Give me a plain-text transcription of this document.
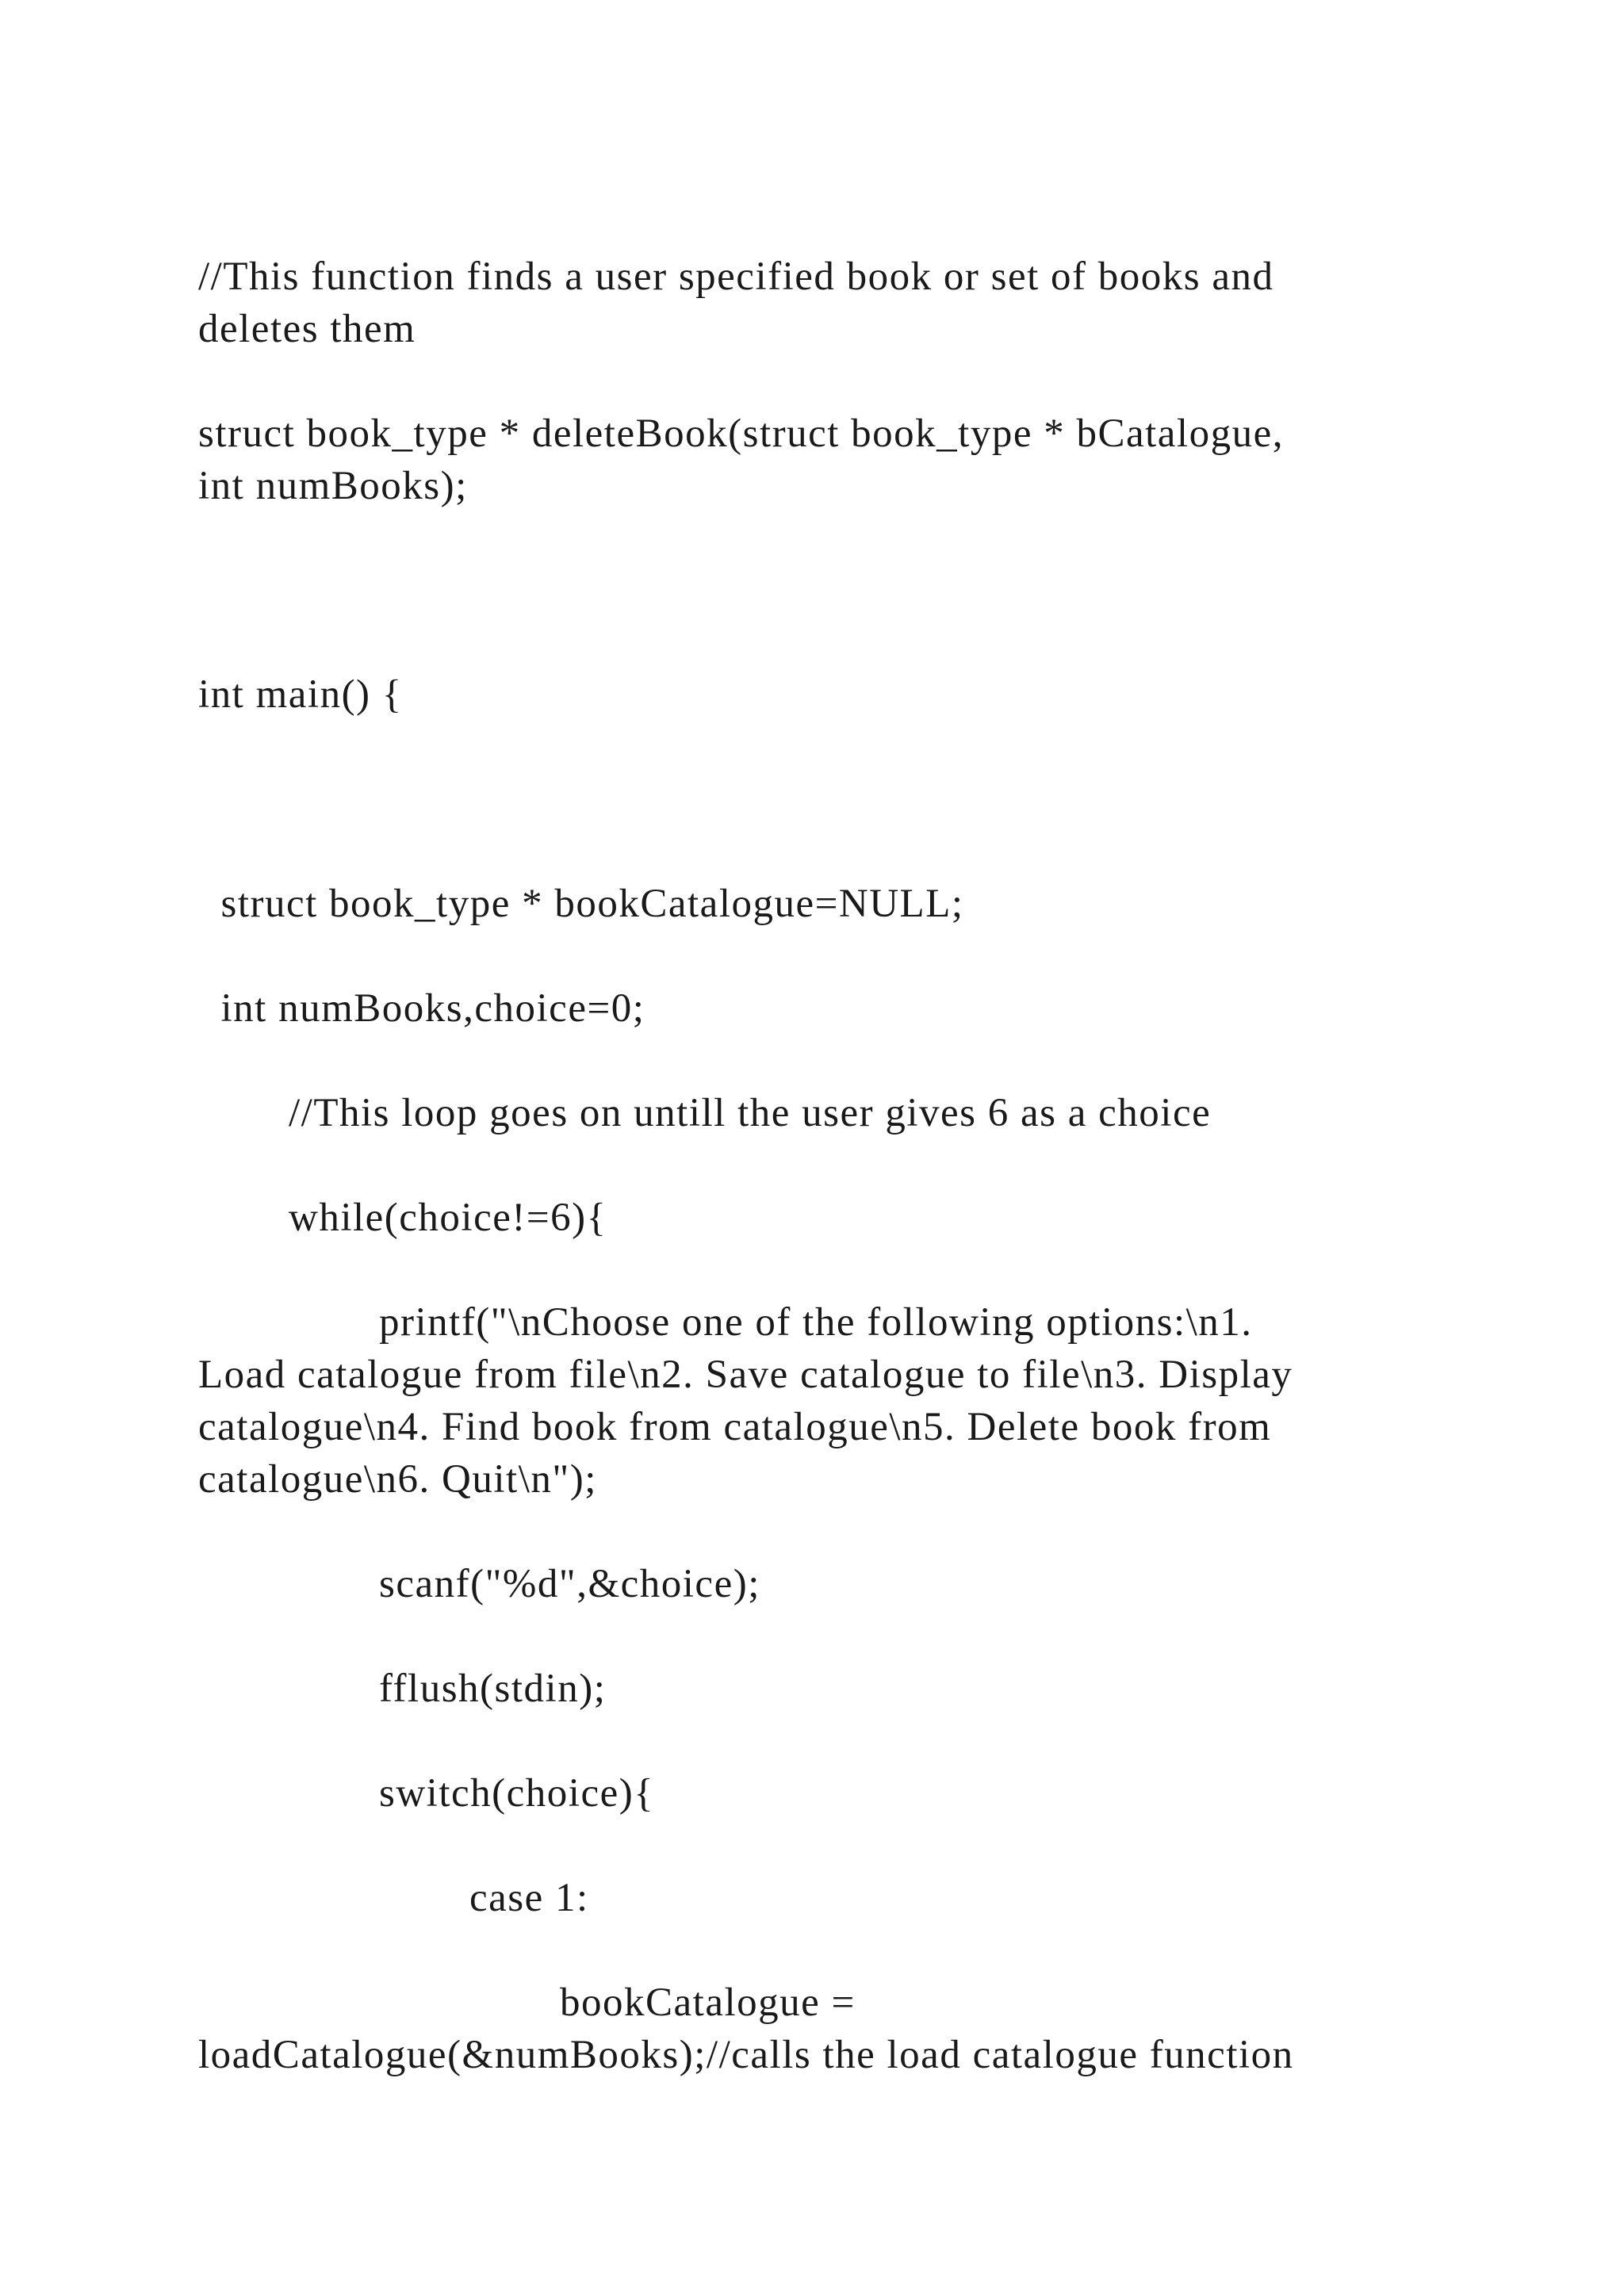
//This function finds a user specified book or set of books and

deletes them

struct book_type * deleteBook(struct book_type * bCatalogue,

int numBooks);

int main() {

struct book_type * bookCatalogue=NULL;

int numBooks,choice=0;

//This loop goes on untill the user gives 6 as a choice

while(choice!=6){

printf("\nChoose one of the following options:\n1.

Load catalogue from file\n2. Save catalogue to file\n3. Display

catalogue\n4. Find book from catalogue\n5. Delete book from

catalogue\n6. Quit\n");

scanf("%d",&choice);

fflush(stdin);

switch(choice){

case 1:

bookCatalogue =

loadCatalogue(&numBooks);//calls the load catalogue function
